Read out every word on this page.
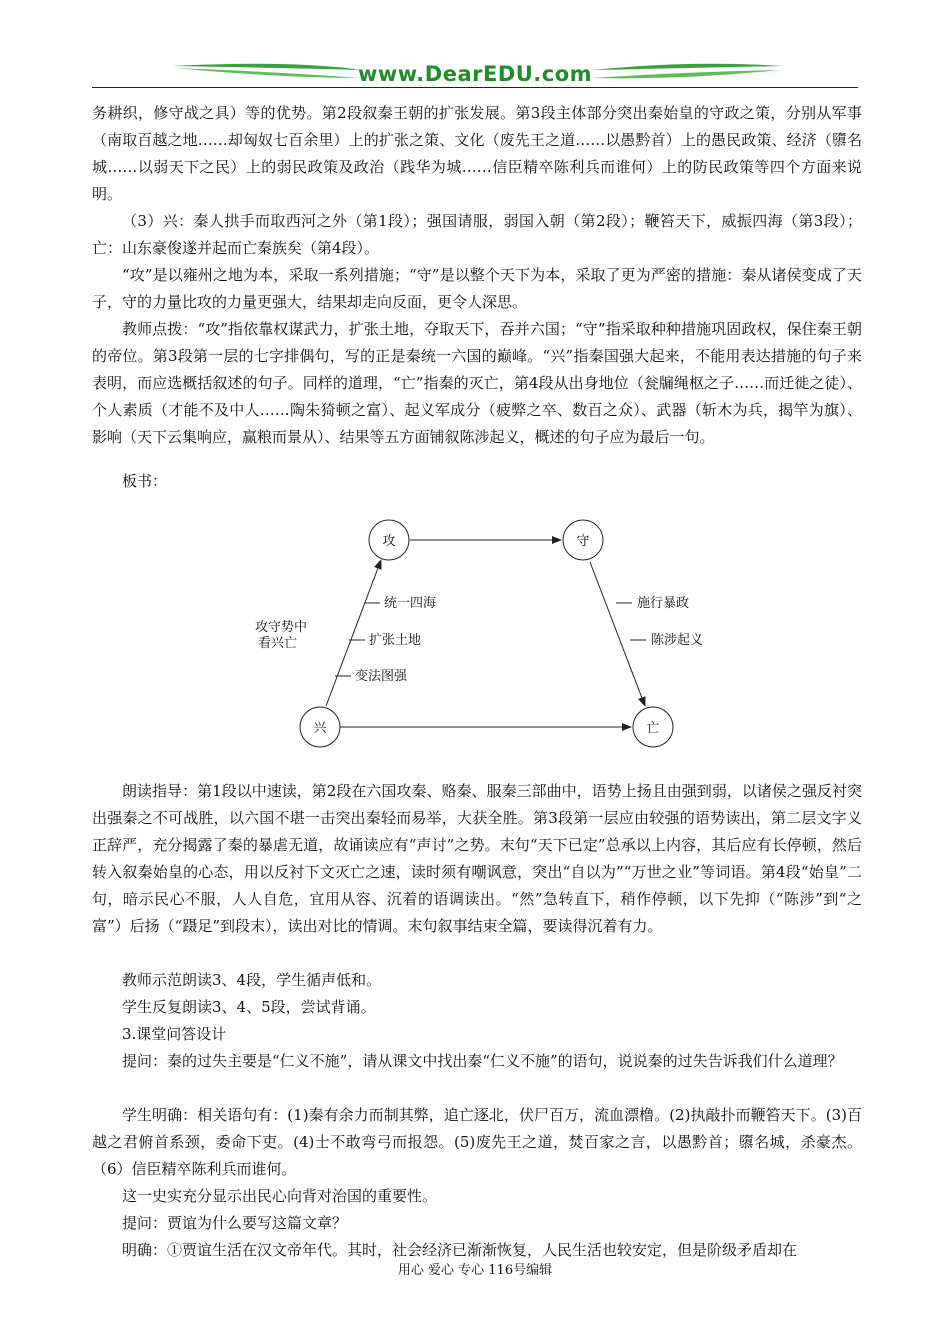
www.DearEDU.com

务耕织，修守战之具）等的优势。第2段叙秦王朝的扩张发展。第3段主体部分突出秦始皇的守政之策，分别从军事（南取百越之地……却匈奴七百余里）上的扩张之策、文化（废先王之道……以愚黔首）上的愚民政策、经济（隳名城……以弱天下之民）上的弱民政策及政治（践华为城……信臣精卒陈利兵而谁何）上的防民政策等四个方面来说明。

（3）兴：秦人拱手而取西河之外（第1段）；强国请服，弱国入朝（第2段）；鞭笞天下，威振四海（第3段）；亡：山东豪俊遂并起而亡秦族矣（第4段）。

“攻”是以雍州之地为本，采取一系列措施；“守”是以整个天下为本，采取了更为严密的措施：秦从诸侯变成了天子，守的力量比攻的力量更强大，结果却走向反面，更令人深思。

教师点拨：“攻”指依靠权谋武力，扩张土地，夺取天下，吞并六国；“守”指采取种种措施巩固政权，保住秦王朝的帝位。第3段第一层的七字排偶句，写的正是秦统一六国的巅峰。“兴”指秦国强大起来，不能用表达措施的句子来表明，而应选概括叙述的句子。同样的道理，“亡”指秦的灭亡，第4段从出身地位（瓮牖绳枢之子……而迁徙之徒）、个人素质（才能不及中人……陶朱猗顿之富）、起义军成分（疲弊之卒、数百之众）、武器（斩木为兵，揭竿为旗）、影响（天下云集响应，赢粮而景从）、结果等五方面铺叙陈涉起义，概述的句子应为最后一句。

板书：

攻	守
兴	亡
攻守势中
看兴亡
统一四海
扩张土地
变法图强
施行暴政
陈涉起义

朗读指导：第1段以中速读，第2段在六国攻秦、赂秦、服秦三部曲中，语势上扬且由强到弱，以诸侯之强反衬突出强秦之不可战胜，以六国不堪一击突出秦轻而易举，大获全胜。第3段第一层应由较强的语势读出，第二层文字义正辞严，充分揭露了秦的暴虐无道，故诵读应有“声讨”之势。末句“天下已定”总承以上内容，其后应有长停顿，然后转入叙秦始皇的心态，用以反衬下文灭亡之速，读时须有嘲讽意，突出“自以为”“万世之业”等词语。第4段“始皇”二句，暗示民心不服，人人自危，宜用从容、沉着的语调读出。“然”急转直下，稍作停顿，以下先抑（“陈涉”到“之富”）后扬（“蹑足”到段末），读出对比的情调。末句叙事结束全篇，要读得沉着有力。

教师示范朗读3、4段，学生循声低和。

学生反复朗读3、4、5段，尝试背诵。

3.课堂问答设计

提问：秦的过失主要是“仁义不施”，请从课文中找出秦“仁义不施”的语句，说说秦的过失告诉我们什么道理？

学生明确：相关语句有：(1)秦有余力而制其弊，追亡逐北，伏尸百万，流血漂橹。(2)执敲扑而鞭笞天下。(3)百越之君俯首系颈，委命下吏。(4)士不敢弯弓而报怨。(5)废先王之道，焚百家之言，以愚黔首；隳名城，杀豪杰。（6）信臣精卒陈利兵而谁何。

这一史实充分显示出民心向背对治国的重要性。

提问：贾谊为什么要写这篇文章？

明确：①贾谊生活在汉文帝年代。其时，社会经济已渐渐恢复，人民生活也较安定，但是阶级矛盾却在

用心 爱心 专心 116号编辑
